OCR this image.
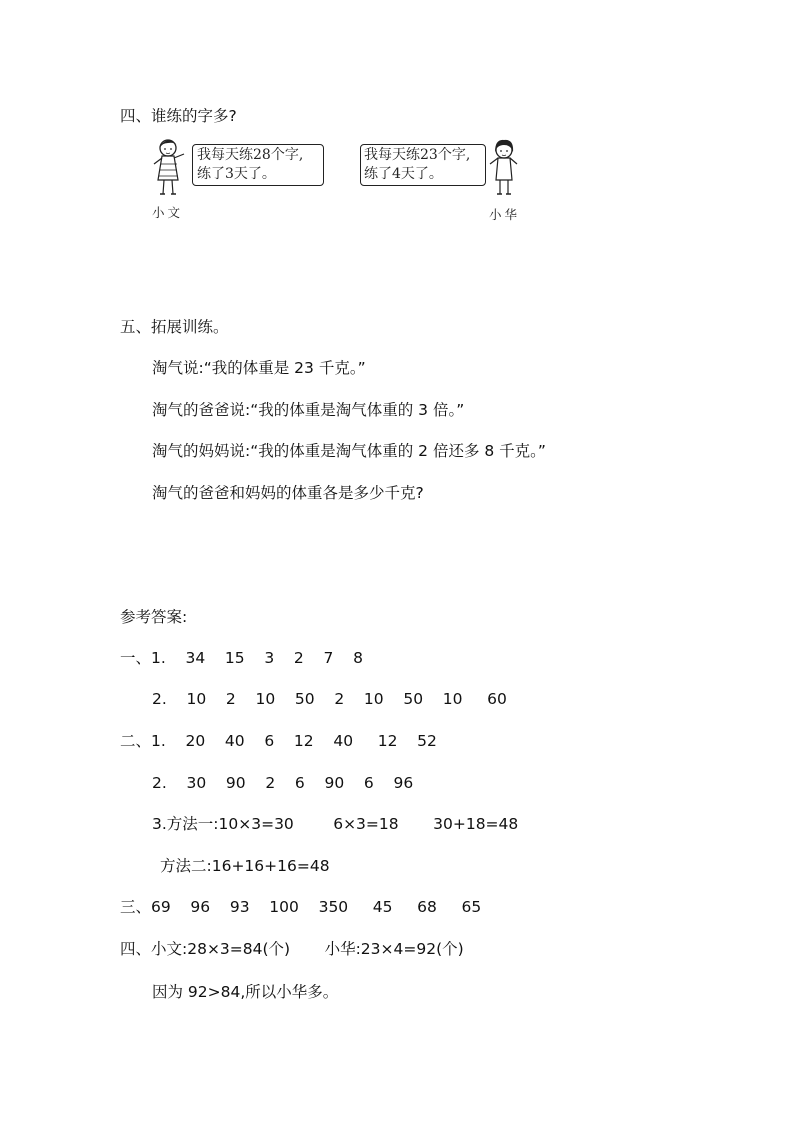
四、谁练的字多?
我每天练28个字,
练了3天了。
小文
我每天练23个字,
练了4天了。
小华
五、拓展训练。
淘气说:“我的体重是 23 千克。”
淘气的爸爸说:“我的体重是淘气体重的 3 倍。”
淘气的妈妈说:“我的体重是淘气体重的 2 倍还多 8 千克。”
淘气的爸爸和妈妈的体重各是多少千克?
参考答案:
一、1.    34    15    3    2    7    8
2.    10    2    10    50    2    10    50    10     60
二、1.    20    40    6    12    40     12    52
2.    30    90    2    6    90    6    96
3.方法一:10×3=30        6×3=18       30+18=48
方法二:16+16+16=48
三、69    96    93    100    350     45     68     65
四、小文:28×3=84(个)       小华:23×4=92(个)
因为 92>84,所以小华多。
